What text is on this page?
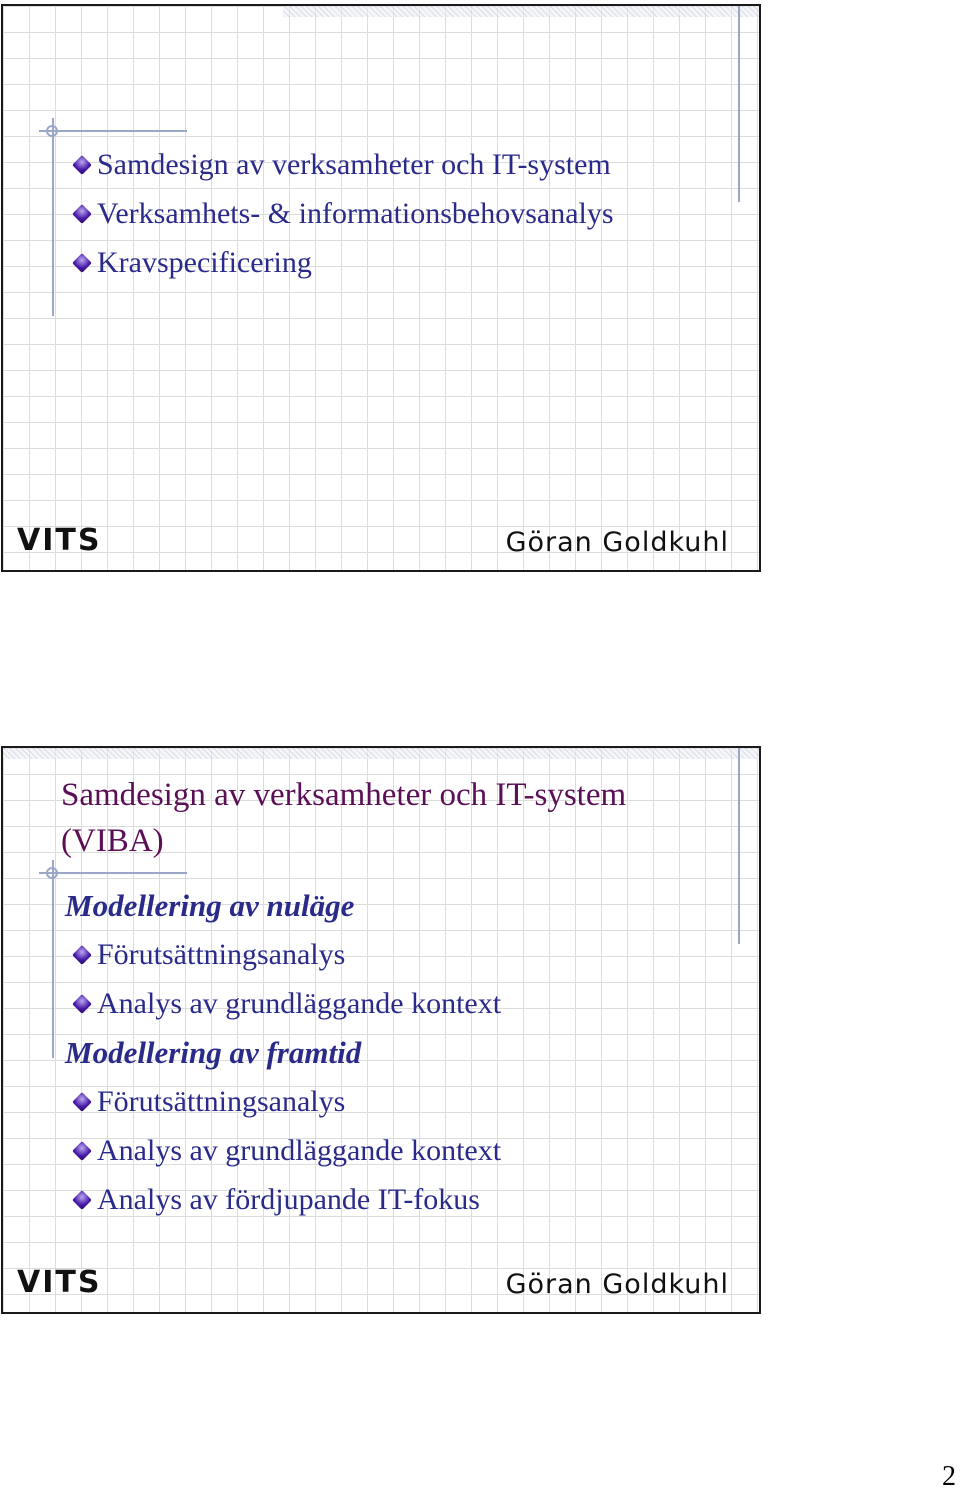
Samdesign av verksamheter och IT-system
Verksamhets- & informationsbehovsanalys
Kravspecificering
VITS	Göran Goldkuhl
Samdesign av verksamheter och IT-system
(VIBA)
Modellering av nuläge
Förutsättningsanalys
Analys av grundläggande kontext
Modellering av framtid
Förutsättningsanalys
Analys av grundläggande kontext
Analys av fördjupande IT-fokus
VITS	Göran Goldkuhl
2
